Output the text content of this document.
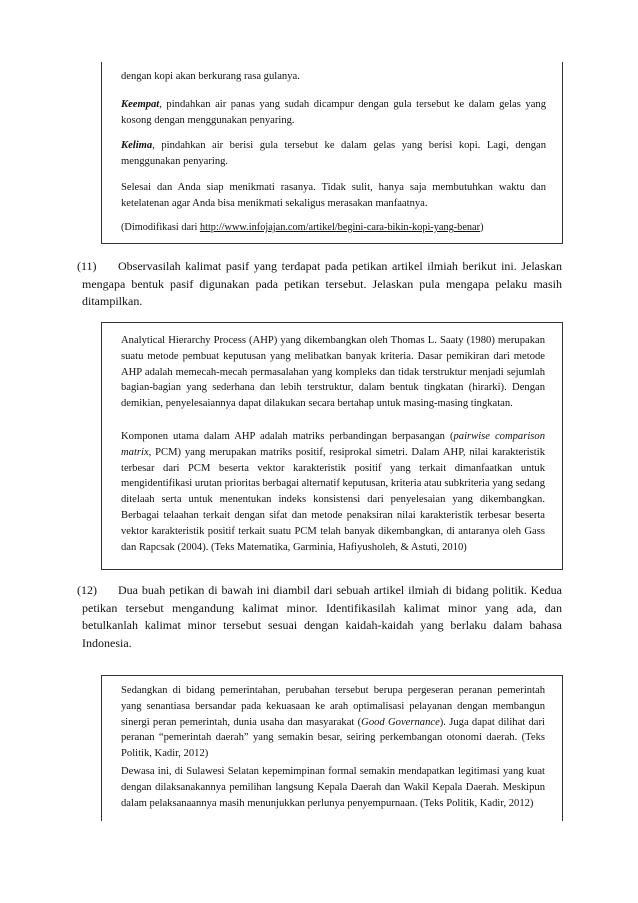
dengan kopi akan berkurang rasa gulanya.

Keempat, pindahkan air panas yang sudah dicampur dengan gula tersebut ke dalam gelas yang kosong dengan menggunakan penyaring.

Kelima, pindahkan air berisi gula tersebut ke dalam gelas yang berisi kopi. Lagi, dengan menggunakan penyaring.

Selesai dan Anda siap menikmati rasanya. Tidak sulit, hanya saja membutuhkan waktu dan ketelatenan agar Anda bisa menikmati sekaligus merasakan manfaatnya.

(Dimodifikasi dari http://www.infojajan.com/artikel/begini-cara-bikin-kopi-yang-benar)

(11)	Observasilah kalimat pasif yang terdapat pada petikan artikel ilmiah berikut ini. Jelaskan mengapa bentuk pasif digunakan pada petikan tersebut. Jelaskan pula mengapa pelaku masih ditampilkan.

Analytical Hierarchy Process (AHP) yang dikembangkan oleh Thomas L. Saaty (1980) merupakan suatu metode pembuat keputusan yang melibatkan banyak kriteria. Dasar pemikiran dari metode AHP adalah memecah-mecah permasalahan yang kompleks dan tidak terstruktur menjadi sejumlah bagian-bagian yang sederhana dan lebih terstruktur, dalam bentuk tingkatan (hirarki). Dengan demikian, penyelesaiannya dapat dilakukan secara bertahap untuk masing-masing tingkatan.

Komponen utama dalam AHP adalah matriks perbandingan berpasangan (pairwise comparison matrix, PCM) yang merupakan matriks positif, resiprokal simetri. Dalam AHP, nilai karakteristik terbesar dari PCM beserta vektor karakteristik positif yang terkait dimanfaatkan untuk mengidentifikasi urutan prioritas berbagai alternatif keputusan, kriteria atau subkriteria yang sedang ditelaah serta untuk menentukan indeks konsistensi dari penyelesaian yang dikembangkan. Berbagai telaahan terkait dengan sifat dan metode penaksiran nilai karakteristik terbesar beserta vektor karakteristik positif terkait suatu PCM telah banyak dikembangkan, di antaranya oleh Gass dan Rapcsak (2004). (Teks Matematika, Garminia, Hafiyusholeh, & Astuti, 2010)

(12)	Dua buah petikan di bawah ini diambil dari sebuah artikel ilmiah di bidang politik. Kedua petikan tersebut mengandung kalimat minor. Identifikasilah kalimat minor yang ada, dan betulkanlah kalimat minor tersebut sesuai dengan kaidah-kaidah yang berlaku dalam bahasa Indonesia.

Sedangkan di bidang pemerintahan, perubahan tersebut berupa pergeseran peranan pemerintah yang senantiasa bersandar pada kekuasaan ke arah optimalisasi pelayanan dengan membangun sinergi peran pemerintah, dunia usaha dan masyarakat (Good Governance). Juga dapat dilihat dari peranan “pemerintah daerah” yang semakin besar, seiring perkembangan otonomi daerah. (Teks Politik, Kadir, 2012)

Dewasa ini, di Sulawesi Selatan kepemimpinan formal semakin mendapatkan legitimasi yang kuat dengan dilaksanakannya pemilihan langsung Kepala Daerah dan Wakil Kepala Daerah. Meskipun dalam pelaksanaannya masih menunjukkan perlunya penyempurnaan. (Teks Politik, Kadir, 2012)
